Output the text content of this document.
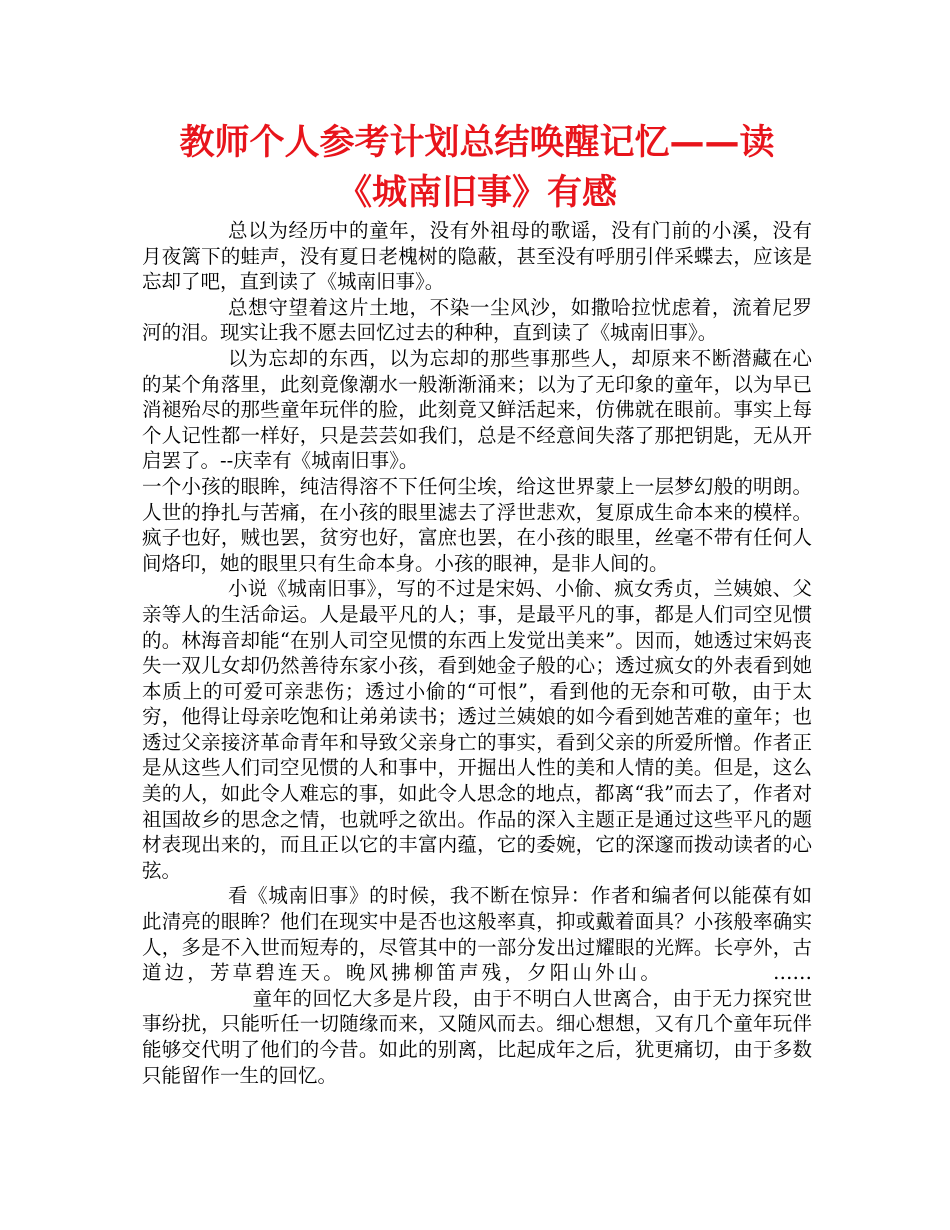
教师个人参考计划总结唤醒记忆——读
《城南旧事》有感

总以为经历中的童年，没有外祖母的歌谣，没有门前的小溪，没有月夜篱下的蛙声，没有夏日老槐树的隐蔽，甚至没有呼朋引伴采蝶去，应该是忘却了吧，直到读了《城南旧事》。

总想守望着这片土地，不染一尘风沙，如撒哈拉忧虑着，流着尼罗河的泪。现实让我不愿去回忆过去的种种，直到读了《城南旧事》。

以为忘却的东西，以为忘却的那些事那些人，却原来不断潜藏在心的某个角落里，此刻竟像潮水一般渐渐涌来；以为了无印象的童年，以为早已消褪殆尽的那些童年玩伴的脸，此刻竟又鲜活起来，仿佛就在眼前。事实上每个人记性都一样好，只是芸芸如我们，总是不经意间失落了那把钥匙，无从开启罢了。--庆幸有《城南旧事》。

一个小孩的眼眸，纯洁得溶不下任何尘埃，给这世界蒙上一层梦幻般的明朗。人世的挣扎与苦痛，在小孩的眼里滤去了浮世悲欢，复原成生命本来的模样。疯子也好，贼也罢，贫穷也好，富庶也罢，在小孩的眼里，丝毫不带有任何人间烙印，她的眼里只有生命本身。小孩的眼神，是非人间的。

小说《城南旧事》，写的不过是宋妈、小偷、疯女秀贞，兰姨娘、父亲等人的生活命运。人是最平凡的人；事，是最平凡的事，都是人们司空见惯的。林海音却能“在别人司空见惯的东西上发觉出美来”。因而，她透过宋妈丧失一双儿女却仍然善待东家小孩，看到她金子般的心；透过疯女的外表看到她本质上的可爱可亲悲伤；透过小偷的“可恨”，看到他的无奈和可敬，由于太穷，他得让母亲吃饱和让弟弟读书；透过兰姨娘的如今看到她苦难的童年；也透过父亲接济革命青年和导致父亲身亡的事实，看到父亲的所爱所憎。作者正是从这些人们司空见惯的人和事中，开掘出人性的美和人情的美。但是，这么美的人，如此令人难忘的事，如此令人思念的地点，都离“我”而去了，作者对祖国故乡的思念之情，也就呼之欲出。作品的深入主题正是通过这些平凡的题材表现出来的，而且正以它的丰富内蕴，它的委婉，它的深邃而拨动读者的心弦。

看《城南旧事》的时候，我不断在惊异：作者和编者何以能葆有如此清亮的眼眸？他们在现实中是否也这般率真，抑或戴着面具？小孩般率确实人，多是不入世而短寿的，尽管其中的一部分发出过耀眼的光辉。长亭外，古道边，芳草碧连天。晚风拂柳笛声残，夕阳山外山。	……童年的回忆大多是片段，由于不明白人世离合，由于无力探究世事纷扰，只能听任一切随缘而来，又随风而去。细心想想，又有几个童年玩伴能够交代明了他们的今昔。如此的别离，比起成年之后，犹更痛切，由于多数只能留作一生的回忆。
